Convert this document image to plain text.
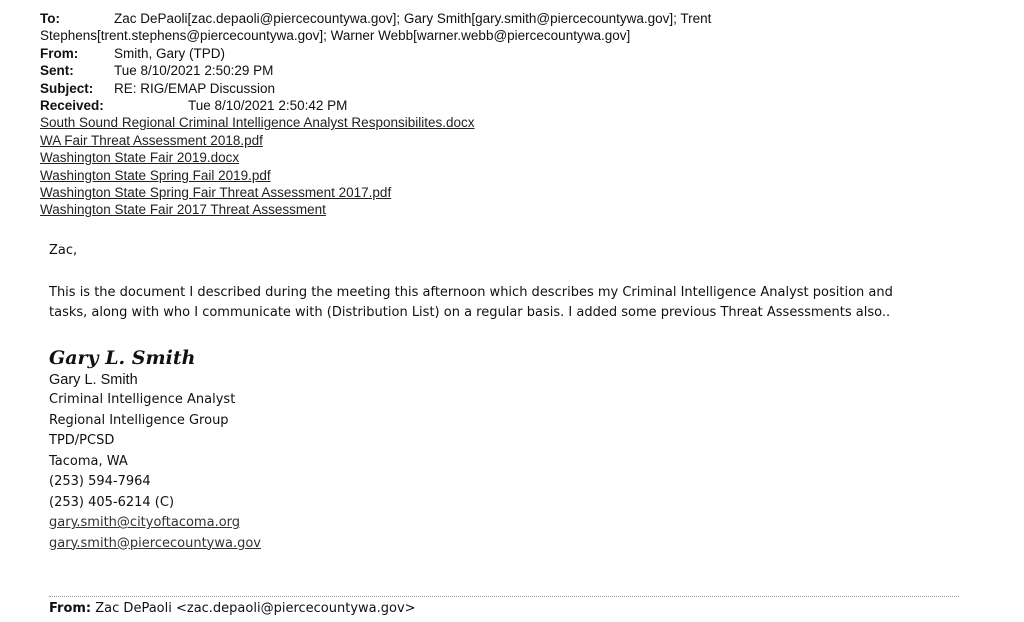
To:	Zac DePaoli[zac.depaoli@piercecountywa.gov]; Gary Smith[gary.smith@piercecountywa.gov]; Trent
Stephens[trent.stephens@piercecountywa.gov]; Warner Webb[warner.webb@piercecountywa.gov]
From:	Smith, Gary (TPD)
Sent:	Tue 8/10/2021 2:50:29 PM
Subject: RE: RIG/EMAP Discussion
Received:	Tue 8/10/2021 2:50:42 PM
South Sound Regional Criminal Intelligence Analyst Responsibilites.docx
WA Fair Threat Assessment 2018.pdf
Washington State Fair 2019.docx
Washington State Spring Fail 2019.pdf
Washington State Spring Fair Threat Assessment 2017.pdf
Washington State Fair 2017 Threat Assessment

Zac,

This is the document I described during the meeting this afternoon which describes my Criminal Intelligence Analyst position and
tasks, along with who I communicate with (Distribution List) on a regular basis. I added some previous Threat Assessments also..

Gary L. Smith

Gary L. Smith

Criminal Intelligence Analyst

Regional Intelligence Group

TPD/PCSD

Tacoma, WA

(253) 594-7964

(253) 405-6214 (C)

gary.smith@cityoftacoma.org

gary.smith@piercecountywa.gov

From: Zac DePaoli <zac.depaoli@piercecountywa.gov>
